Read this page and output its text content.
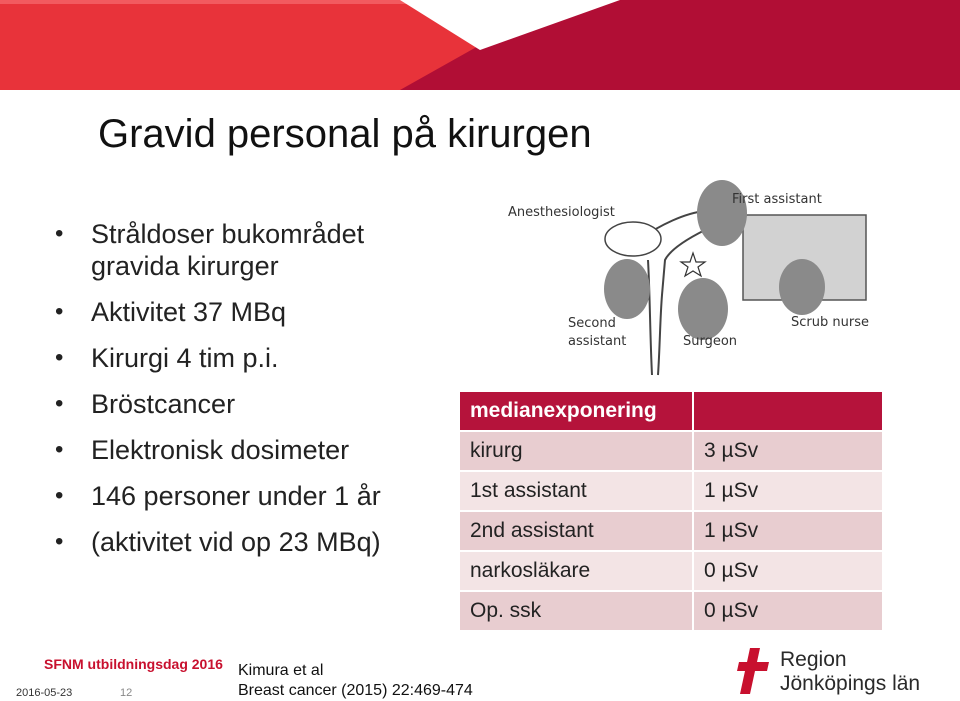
Gravid personal på kirurgen
• Stråldoser bukområdet gravida kirurger
• Aktivitet 37 MBq
• Kirurgi 4 tim p.i.
• Bröstcancer
• Elektronisk dosimeter
• 146 personer under 1 år
• (aktivitet vid op 23 MBq)
Anesthesiologist
First assistant
Second
assistant	Surgeon
Scrub nurse
medianexponering	
kirurg	3 µSv
1st assistant	1 µSv
2nd assistant	1 µSv
narkosläkare	0 µSv
Op. ssk	0 µSv
SFNM utbildningsdag 2016
2016-05-23	12
Kimura et al
Breast cancer (2015) 22:469-474
Region
Jönköpings län
